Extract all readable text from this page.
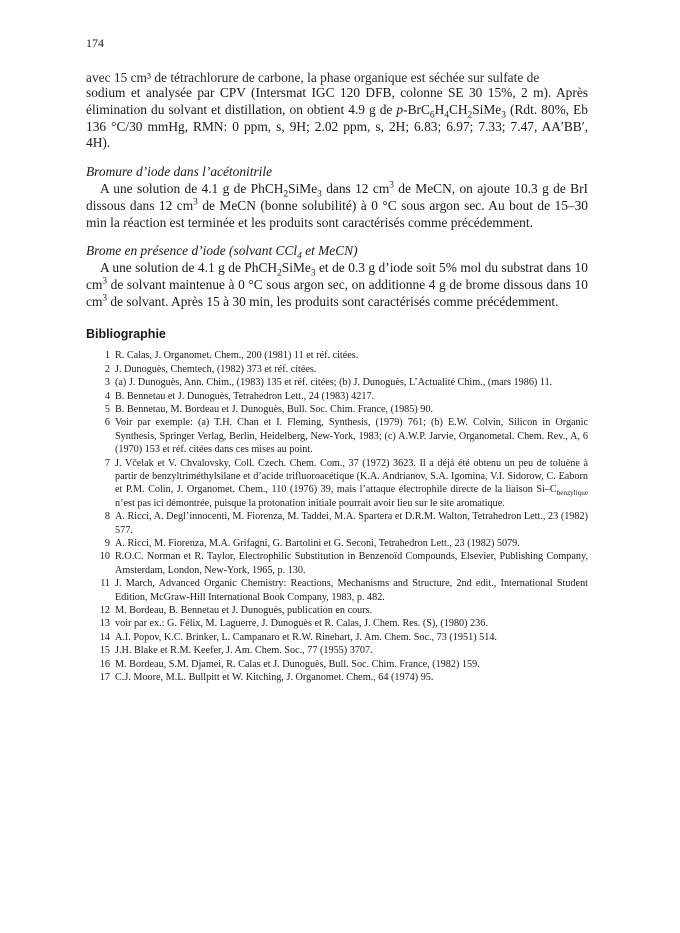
174

avec 15 cm³ de tétrachlorure de carbone, la phase organique est séchée sur sulfate de

sodium et analysée par CPV (Intersmat IGC 120 DFB, colonne SE 30 15%, 2 m). Après élimination du solvant et distillation, on obtient 4.9 g de $p-BrC_6H_4CH_2SiMe_3$ (Rdt. 80%, Eb 136 °C/30 mmHg, RMN: 0 ppm, s, 9H; 2.02 ppm, s, 2H; 6.83; 6.97; 7.33; 7.47, AA′BB′, 4H).

Bromure d’iode dans l’acétonitrile

A une solution de 4.1 g de PhCH$_2$SiMe$_3$ dans 12 $cm^3$ de MeCN, on ajoute 10.3 g de BrI dissous dans 12 $cm^3$ de MeCN (bonne solubilité) à 0 °C sous argon sec. Au bout de 15–30 min la réaction est terminée et les produits sont caractérisés comme précédemment.

Brome en présence d’iode (solvant CCl$_4$ et MeCN)

A une solution de 4.1 g de PhCH$_2$SiMe$_3$ et de 0.3 g d’iode soit 5% mol du substrat dans 10 $cm^3$ de solvant maintenue à 0 °C sous argon sec, on additionne 4 g de brome dissous dans 10 $cm^3$ de solvant. Après 15 à 30 min, les produits sont caractérisés comme précédemment.

Bibliographie

1 R. Calas, J. Organomet. Chem., 200 (1981) 11 et réf. citées.
2 J. Dunoguès, Chemtech, (1982) 373 et réf. citées.
3 (a) J. Dunoguès, Ann. Chim., (1983) 135 et réf. citées; (b) J. Dunoguès, L’Actualité Chim., (mars 1986) 11.
4 B. Bennetau et J. Dunoguès, Tetrahedron Lett., 24 (1983) 4217.
5 B. Bennetau, M. Bordeau et J. Dunoguès, Bull. Soc. Chim. France, (1985) 90.
6 Voir par exemple: (a) T.H. Chan et I. Fleming, Synthesis, (1979) 761; (b) E.W. Colvin, Silicon in Organic Synthesis, Springer Verlag, Berlin, Heidelberg, New-York, 1983; (c) A.W.P. Jarvie, Organometal. Chem. Rev., A, 6 (1970) 153 et réf. citées dans ces mises au point.
7 J. Včelak et V. Chvalovsky, Coll. Czech. Chem. Com., 37 (1972) 3623. Il a déjà été obtenu un peu de toluène à partir de benzyltriméthylsilane et d’acide trifluoroacétique (K.A. Andrianov, S.A. Igomina, V.I. Sidorow, C. Eaborn et P.M. Colin, J. Organomet. Chem., 110 (1976) 39, mais l’attaque électrophile directe de la liaison $Si-C_{benzylique}$ n’est pas ici démontrée, puisque la protonation initiale pourrait avoir lieu sur le site aromatique.
8 A. Ricci, A. Degl’innocenti, M. Fiorenza, M. Taddei, M.A. Spartera et D.R.M. Walton, Tetrahedron Lett., 23 (1982) 577.
9 A. Ricci, M. Fiorenza, M.A. Grifagni, G. Bartolini et G. Seconi, Tetrahedron Lett., 23 (1982) 5079.
10 R.O.C. Norman et R. Taylor, Electrophilic Substitution in Benzenoïd Compounds, Elsevier, Publishing Company, Amsterdam, London, New-York, 1965, p. 130.
11 J. March, Advanced Organic Chemistry: Reactions, Mechanisms and Structure, 2nd edit., International Student Edition, McGraw-Hill International Book Company, 1983, p. 482.
12 M. Bordeau, B. Bennetau et J. Dunoguès, publication en cours.
13 voir par ex.: G. Félix, M. Laguerre, J. Dunoguès et R. Calas, J. Chem. Res. (S), (1980) 236.
14 A.I. Popov, K.C. Brinker, L. Campanaro et R.W. Rinehart, J. Am. Chem. Soc., 73 (1951) 514.
15 J.H. Blake et R.M. Keefer, J. Am. Chem. Soc., 77 (1955) 3707.
16 M. Bordeau, S.M. Djamei, R. Calas et J. Dunoguès, Bull. Soc. Chim. France, (1982) 159.
17 C.J. Moore, M.L. Bullpitt et W. Kitching, J. Organomet. Chem., 64 (1974) 95.
